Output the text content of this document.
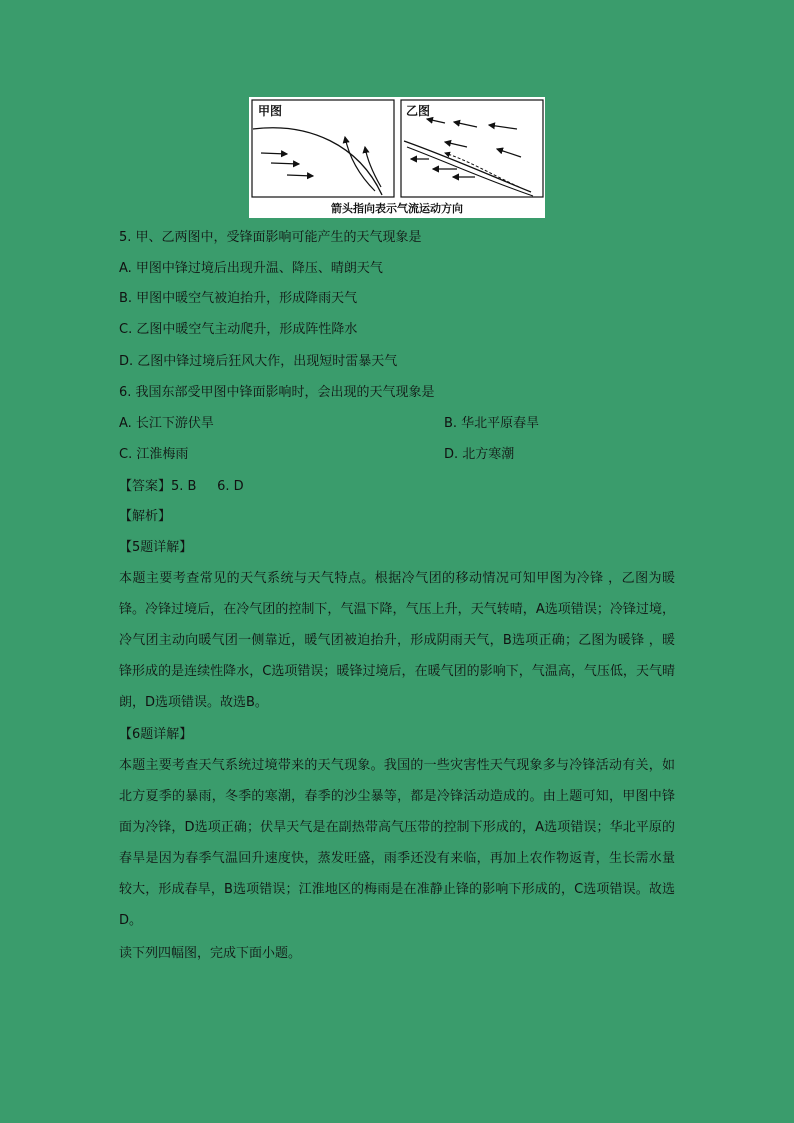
甲图	乙图
箭头指向表示气流运动方向
5. 甲、乙两图中，受锋面影响可能产生的天气现象是
A. 甲图中锋过境后出现升温、降压、晴朗天气
B. 甲图中暖空气被迫抬升，形成降雨天气
C. 乙图中暖空气主动爬升，形成阵性降水
D. 乙图中锋过境后狂风大作，出现短时雷暴天气
6. 我国东部受甲图中锋面影响时，会出现的天气现象是
A. 长江下游伏旱	B. 华北平原春旱
C. 江淮梅雨	D. 北方寒潮
【答案】5. B     6. D
【解析】
【5题详解】
本题主要考查常见的天气系统与天气特点。根据冷气团的移动情况可知甲图为冷锋 ，乙图为暖锋。冷锋过境后，在冷气团的控制下，气温下降，气压上升，天气转晴，A选项错误；冷锋过境，冷气团主动向暖气团一侧靠近，暖气团被迫抬升，形成阴雨天气，B选项正确；乙图为暖锋 ，暖锋形成的是连续性降水，C选项错误；暖锋过境后，在暖气团的影响下，气温高，气压低，天气晴朗，D选项错误。故选B。
【6题详解】
本题主要考查天气系统过境带来的天气现象。我国的一些灾害性天气现象多与冷锋活动有关，如北方夏季的暴雨，冬季的寒潮，春季的沙尘暴等，都是冷锋活动造成的。由上题可知，甲图中锋面为冷锋，D选项正确；伏旱天气是在副热带高气压带的控制下形成的，A选项错误；华北平原的春旱是因为春季气温回升速度快，蒸发旺盛，雨季还没有来临，再加上农作物返青，生长需水量较大，形成春旱，B选项错误；江淮地区的梅雨是在准静止锋的影响下形成的，C选项错误。故选D。
读下列四幅图，完成下面小题。
